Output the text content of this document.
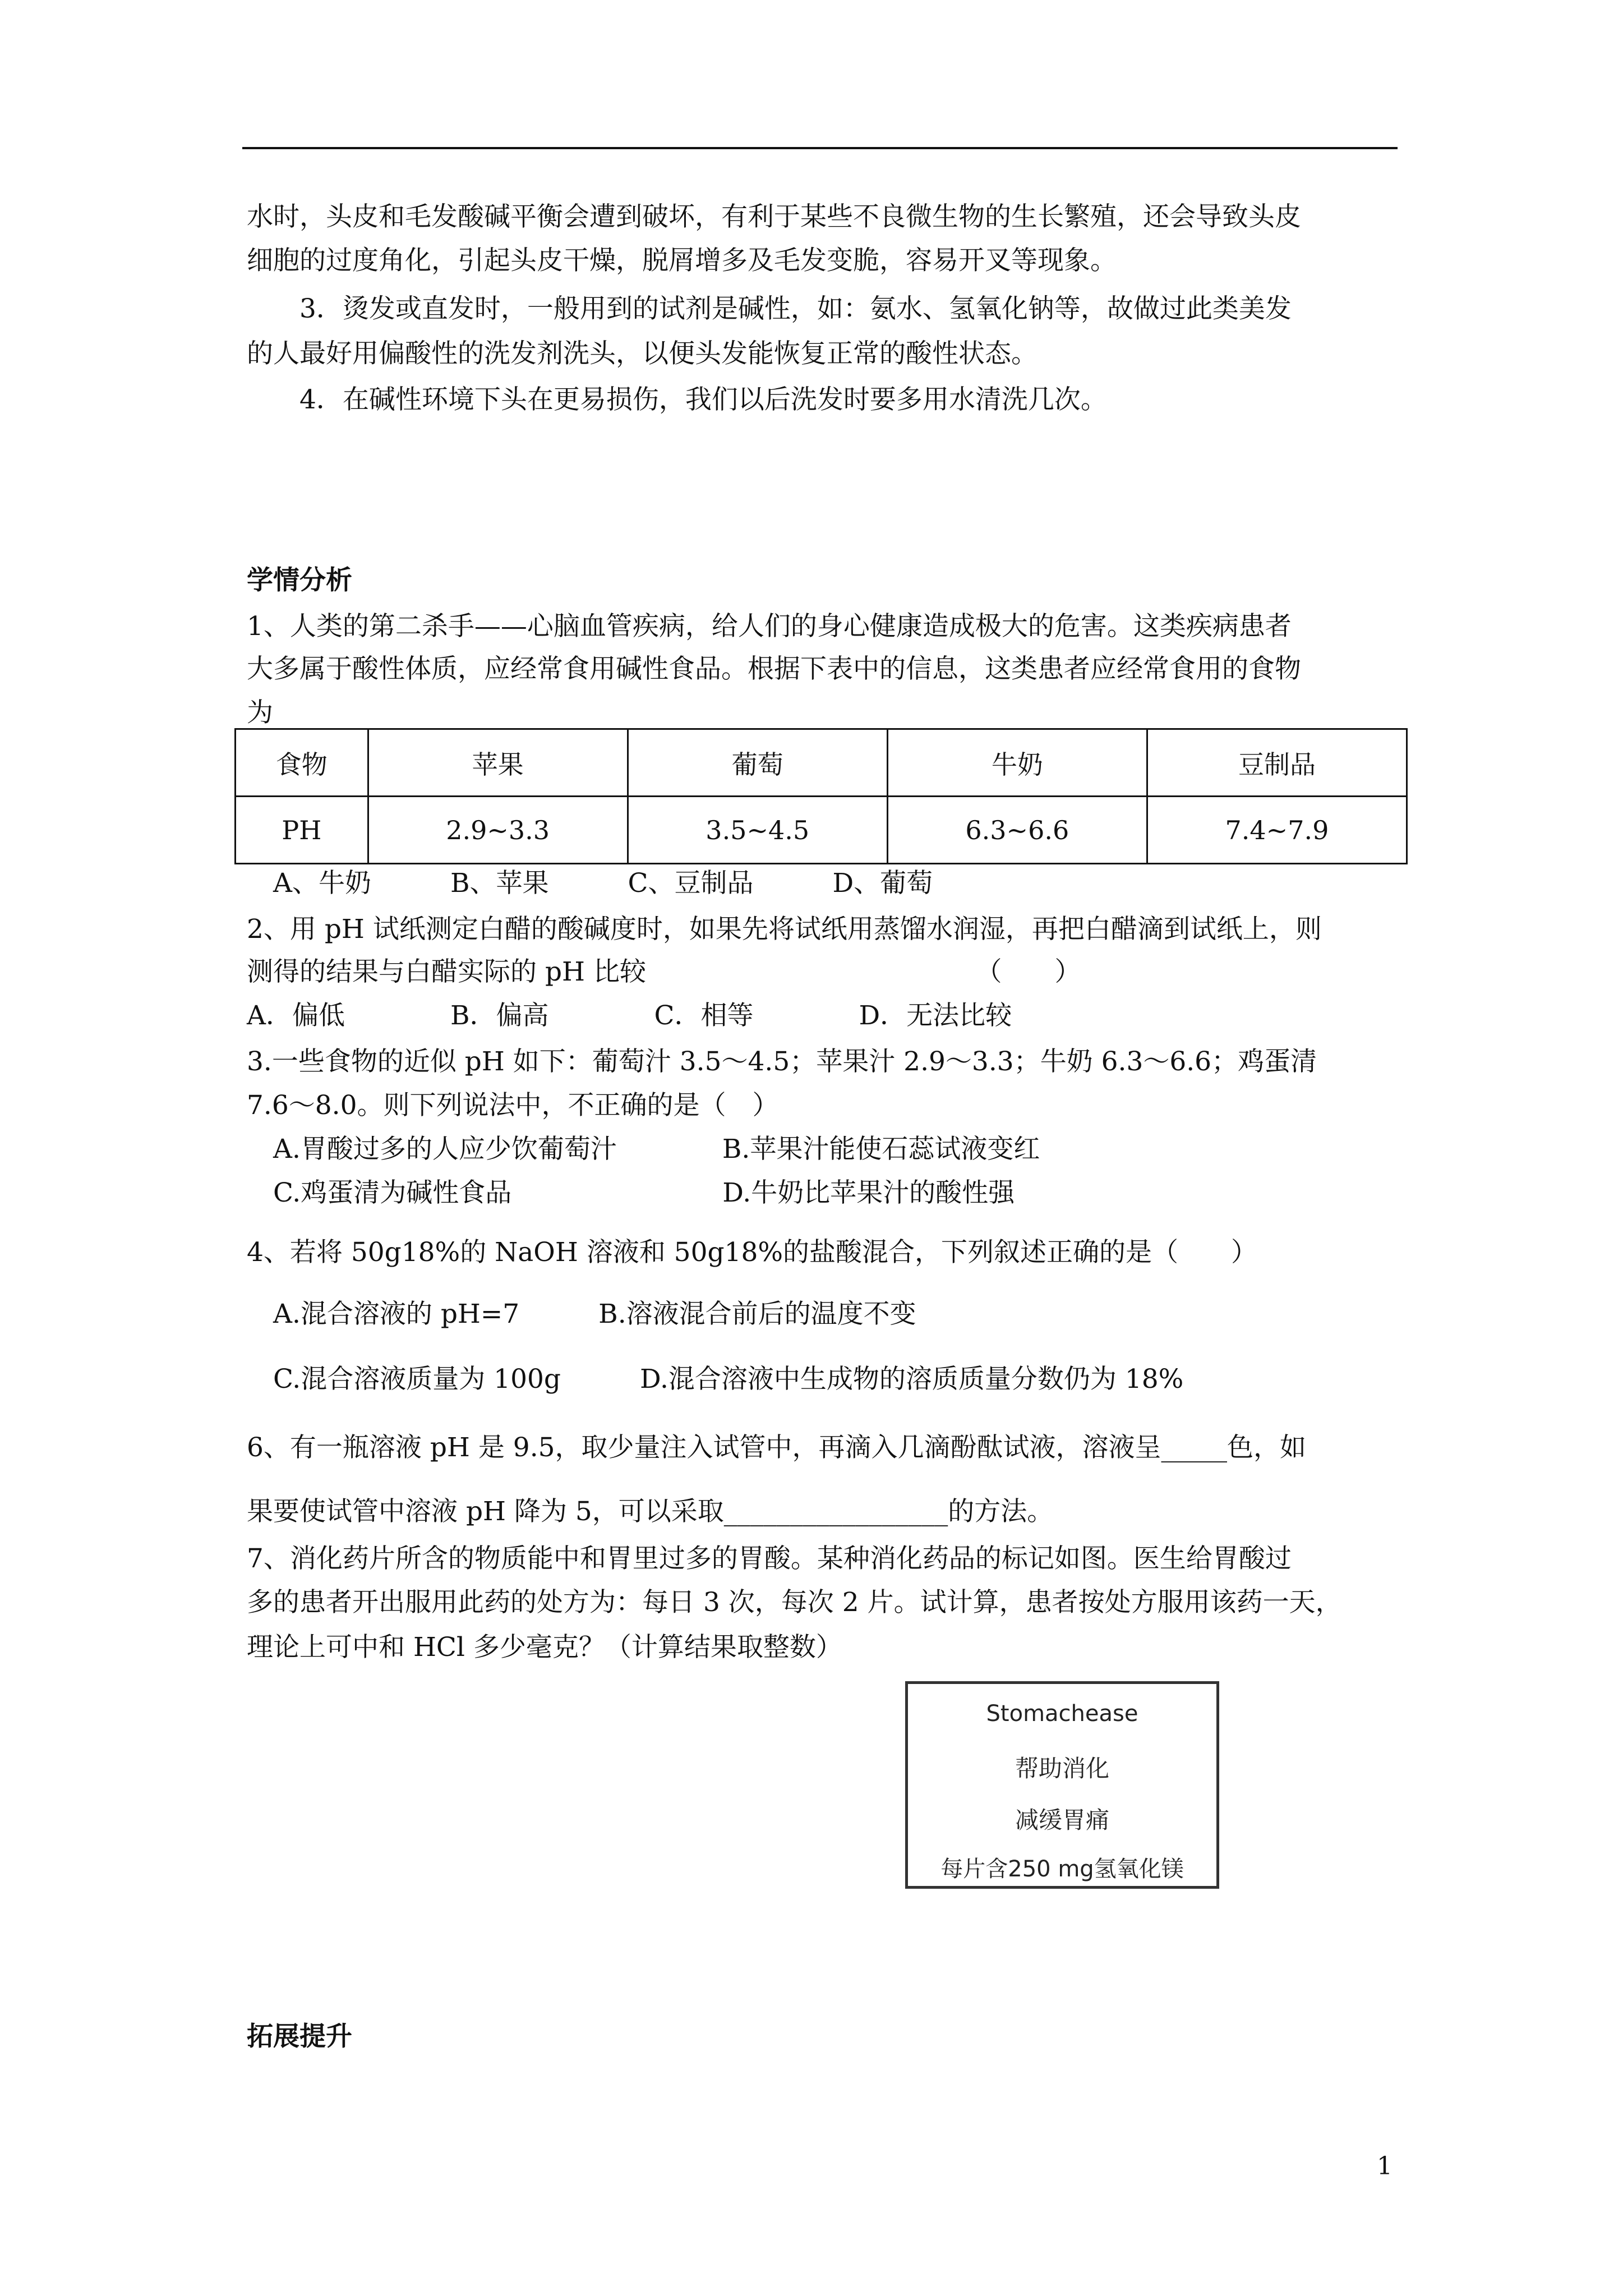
水时，头皮和毛发酸碱平衡会遭到破坏，有利于某些不良微生物的生长繁殖，还会导致头皮
细胞的过度角化，引起头皮干燥，脱屑增多及毛发变脆，容易开叉等现象。
　　3．烫发或直发时，一般用到的试剂是碱性，如：氨水、氢氧化钠等，故做过此类美发
的人最好用偏酸性的洗发剂洗头，以便头发能恢复正常的酸性状态。
　　4．在碱性环境下头在更易损伤，我们以后洗发时要多用水清洗几次。
学情分析
1、人类的第二杀手——心脑血管疾病，给人们的身心健康造成极大的危害。这类疾病患者
大多属于酸性体质，应经常食用碱性食品。根据下表中的信息，这类患者应经常食用的食物
为
食物	苹果	葡萄	牛奶	豆制品
PH	2.9~3.3	3.5~4.5	6.3~6.6	7.4~7.9
　A、牛奶　　　B、苹果　　　C、豆制品　　　D、葡萄
2、用 pH 试纸测定白醋的酸碱度时，如果先将试纸用蒸馏水润湿，再把白醋滴到试纸上，则
测得的结果与白醋实际的 pH 比较　　　　　　　　　　　　　（　　）
A．偏低　　　　B．偏高　　　　C．相等　　　　D．无法比较
3.一些食物的近似 pH 如下：葡萄汁 3.5～4.5；苹果汁 2.9～3.3；牛奶 6.3～6.6；鸡蛋清
7.6～8.0。则下列说法中，不正确的是（　）
　A.胃酸过多的人应少饮葡萄汁　　　　B.苹果汁能使石蕊试液变红
　C.鸡蛋清为碱性食品　　　　　　　　D.牛奶比苹果汁的酸性强
4、若将 50g18%的 NaOH 溶液和 50g18%的盐酸混合，下列叙述正确的是（　　）
　A.混合溶液的 pH=7　　　B.溶液混合前后的温度不变
　C.混合溶液质量为 100g　　　D.混合溶液中生成物的溶质质量分数仍为 18%
6、有一瓶溶液 pH 是 9.5，取少量注入试管中，再滴入几滴酚酞试液，溶液呈_____色，如
果要使试管中溶液 pH 降为 5，可以采取_________________的方法。
7、消化药片所含的物质能中和胃里过多的胃酸。某种消化药品的标记如图。医生给胃酸过
多的患者开出服用此药的处方为：每日 3 次，每次 2 片。试计算，患者按处方服用该药一天，
理论上可中和 HCl 多少毫克？（计算结果取整数）
Stomachease
帮助消化
减缓胃痛
每片含250 mg氢氧化镁
拓展提升
1
